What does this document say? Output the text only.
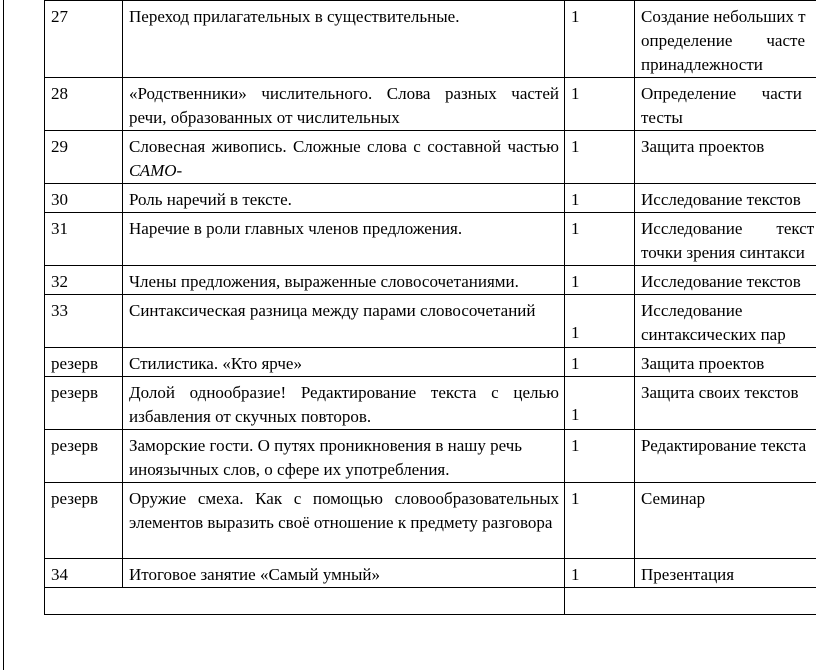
27	Переход прилагательных в существительные.	1	Создание небольших т
определение        часте
принадлежности

28	«Родственники» числительного. Слова разных частей речи, образованных от числительных	1	Определение      части
тесты

29	Словесная живопись. Сложные слова с составной частью САМО-	1	Защита проектов

30	Роль наречий в тексте.	1	Исследование текстов

31	Наречие в роли главных членов предложения.	1	Исследование        текст
точки зрения синтакси

32	Члены предложения, выраженные словосочетаниями.	1	Исследование текстов

33	Синтаксическая разница между парами словосочетаний	1	Исследование
синтаксических пар

резерв	Стилистика. «Кто ярче»	1	Защита проектов

резерв	Долой однообразие! Редактирование текста с целью избавления от скучных повторов.	1	Защита своих текстов

резерв	Заморские гости. О путях проникновения в нашу речь иноязычных слов, о сфере их употребления.	1	Редактирование текста

резерв	Оружие смеха. Как с помощью словообразовательных элементов выразить своё отношение к предмету разговора	1	Семинар

34	Итоговое занятие «Самый умный»	1	Презентация
